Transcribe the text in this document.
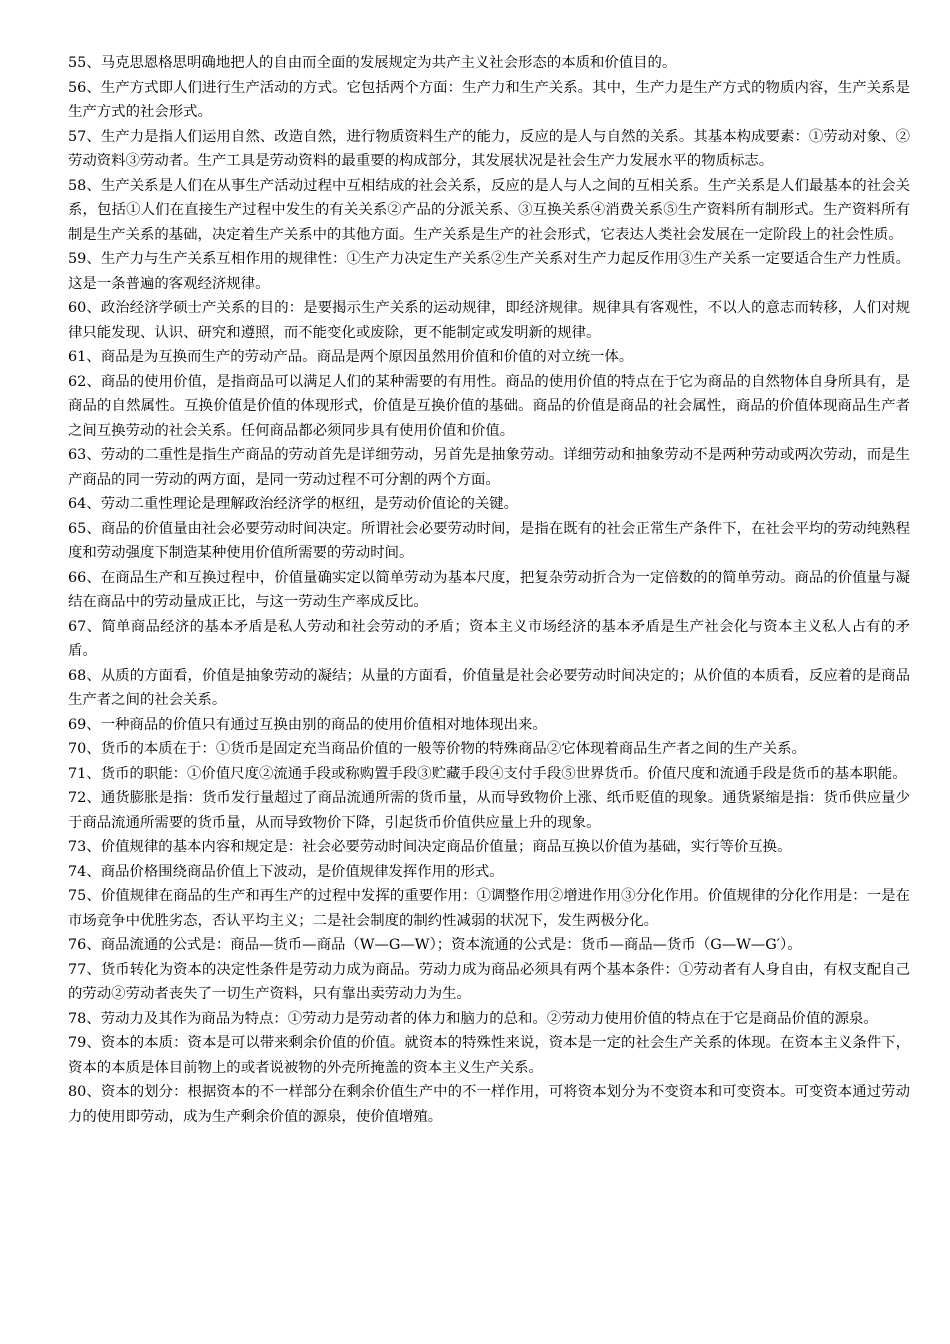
55、马克思恩格思明确地把人的自由而全面的发展规定为共产主义社会形态的本质和价值目的。

56、生产方式即人们进行生产活动的方式。它包括两个方面：生产力和生产关系。其中，生产力是生产方式的物质内容，生产关系是生产方式的社会形式。

57、生产力是指人们运用自然、改造自然，进行物质资料生产的能力，反应的是人与自然的关系。其基本构成要素：①劳动对象、②劳动资料③劳动者。生产工具是劳动资料的最重要的构成部分，其发展状况是社会生产力发展水平的物质标志。

58、生产关系是人们在从事生产活动过程中互相结成的社会关系，反应的是人与人之间的互相关系。生产关系是人们最基本的社会关系，包括①人们在直接生产过程中发生的有关关系②产品的分派关系、③互换关系④消费关系⑤生产资料所有制形式。生产资料所有制是生产关系的基础，决定着生产关系中的其他方面。生产关系是生产的社会形式，它表达人类社会发展在一定阶段上的社会性质。

59、生产力与生产关系互相作用的规律性：①生产力决定生产关系②生产关系对生产力起反作用③生产关系一定要适合生产力性质。这是一条普遍的客观经济规律。

60、政治经济学硕士产关系的目的：是要揭示生产关系的运动规律，即经济规律。规律具有客观性，不以人的意志而转移，人们对规律只能发现、认识、研究和遵照，而不能变化或废除，更不能制定或发明新的规律。

61、商品是为互换而生产的劳动产品。商品是两个原因虽然用价值和价值的对立统一体。

62、商品的使用价值，是指商品可以满足人们的某种需要的有用性。商品的使用价值的特点在于它为商品的自然物体自身所具有，是商品的自然属性。互换价值是价值的体现形式，价值是互换价值的基础。商品的价值是商品的社会属性，商品的价值体现商品生产者之间互换劳动的社会关系。任何商品都必须同步具有使用价值和价值。

63、劳动的二重性是指生产商品的劳动首先是详细劳动，另首先是抽象劳动。详细劳动和抽象劳动不是两种劳动或两次劳动，而是生产商品的同一劳动的两方面，是同一劳动过程不可分割的两个方面。

64、劳动二重性理论是理解政治经济学的枢纽，是劳动价值论的关键。

65、商品的价值量由社会必要劳动时间决定。所谓社会必要劳动时间，是指在既有的社会正常生产条件下，在社会平均的劳动纯熟程度和劳动强度下制造某种使用价值所需要的劳动时间。

66、在商品生产和互换过程中，价值量确实定以简单劳动为基本尺度，把复杂劳动折合为一定倍数的的简单劳动。商品的价值量与凝结在商品中的劳动量成正比，与这一劳动生产率成反比。

67、简单商品经济的基本矛盾是私人劳动和社会劳动的矛盾；资本主义市场经济的基本矛盾是生产社会化与资本主义私人占有的矛盾。

68、从质的方面看，价值是抽象劳动的凝结；从量的方面看，价值量是社会必要劳动时间决定的；从价值的本质看，反应着的是商品生产者之间的社会关系。

69、一种商品的价值只有通过互换由别的商品的使用价值相对地体现出来。

70、货币的本质在于：①货币是固定充当商品价值的一般等价物的特殊商品②它体现着商品生产者之间的生产关系。

71、货币的职能：①价值尺度②流通手段或称购置手段③贮藏手段④支付手段⑤世界货币。价值尺度和流通手段是货币的基本职能。

72、通货膨胀是指：货币发行量超过了商品流通所需的货币量，从而导致物价上涨、纸币贬值的现象。通货紧缩是指：货币供应量少于商品流通所需要的货币量，从而导致物价下降，引起货币价值供应量上升的现象。

73、价值规律的基本内容和规定是：社会必要劳动时间决定商品价值量；商品互换以价值为基础，实行等价互换。

74、商品价格围绕商品价值上下波动，是价值规律发挥作用的形式。

75、价值规律在商品的生产和再生产的过程中发挥的重要作用：①调整作用②增进作用③分化作用。价值规律的分化作用是：一是在市场竞争中优胜劣态，否认平均主义；二是社会制度的制约性减弱的状况下，发生两极分化。

76、商品流通的公式是：商品—货币—商品（W—G—W）；资本流通的公式是：货币—商品—货币（G—W—G′）。

77、货币转化为资本的决定性条件是劳动力成为商品。劳动力成为商品必须具有两个基本条件：①劳动者有人身自由，有权支配自己的劳动②劳动者丧失了一切生产资料，只有靠出卖劳动力为生。

78、劳动力及其作为商品为特点：①劳动力是劳动者的体力和脑力的总和。②劳动力使用价值的特点在于它是商品价值的源泉。

79、资本的本质：资本是可以带来剩余价值的价值。就资本的特殊性来说，资本是一定的社会生产关系的体现。在资本主义条件下，资本的本质是体目前物上的或者说被物的外壳所掩盖的资本主义生产关系。

80、资本的划分：根据资本的不一样部分在剩余价值生产中的不一样作用，可将资本划分为不变资本和可变资本。可变资本通过劳动力的使用即劳动，成为生产剩余价值的源泉，使价值增殖。
